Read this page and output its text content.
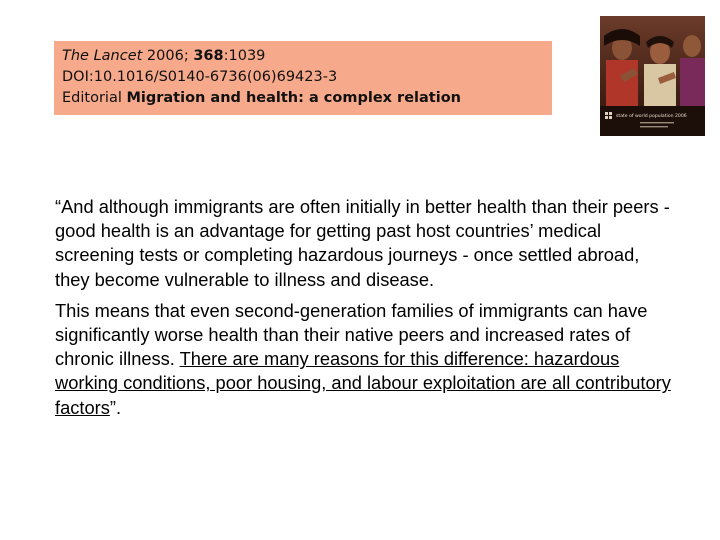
The Lancet 2006; 368:1039
DOI:10.1016/S0140-6736(06)69423-3
Editorial Migration and health: a complex relation
state of world population 2006

“And although immigrants are often initially in better health than their peers - good health is an advantage for getting past host countries’ medical screening tests or completing hazardous journeys - once settled abroad, they become vulnerable to illness and disease.

This means that even second-generation families of immigrants can have significantly worse health than their native peers and increased rates of chronic illness. There are many reasons for this difference: hazardous working conditions, poor housing, and labour exploitation are all contributory factors”.
